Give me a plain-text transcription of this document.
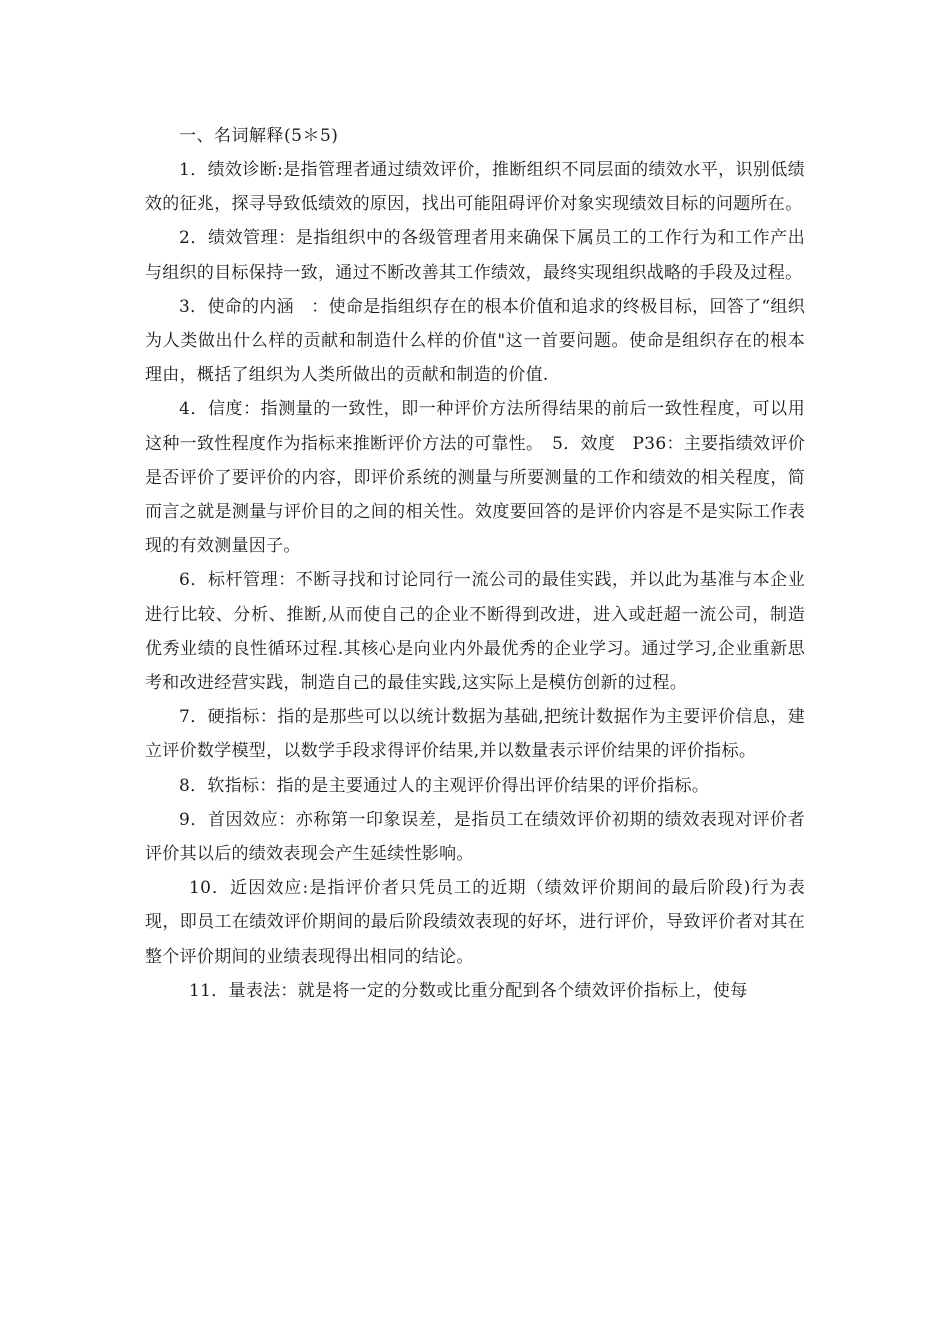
一、名词解释(5＊5)

1．绩效诊断:是指管理者通过绩效评价，推断组织不同层面的绩效水平，识别低绩效的征兆，探寻导致低绩效的原因，找出可能阻碍评价对象实现绩效目标的问题所在。

2．绩效管理：是指组织中的各级管理者用来确保下属员工的工作行为和工作产出与组织的目标保持一致，通过不断改善其工作绩效，最终实现组织战略的手段及过程。

3．使命的内涵　：使命是指组织存在的根本价值和追求的终极目标，回答了“组织为人类做出什么样的贡献和制造什么样的价值"这一首要问题。使命是组织存在的根本理由，概括了组织为人类所做出的贡献和制造的价值.

4．信度：指测量的一致性，即一种评价方法所得结果的前后一致性程度，可以用这种一致性程度作为指标来推断评价方法的可靠性。　5．效度　P36：主要指绩效评价是否评价了要评价的内容，即评价系统的测量与所要测量的工作和绩效的相关程度，简而言之就是测量与评价目的之间的相关性。效度要回答的是评价内容是不是实际工作表现的有效测量因子。

6．标杆管理：不断寻找和讨论同行一流公司的最佳实践，并以此为基准与本企业进行比较、分析、推断,从而使自己的企业不断得到改进，进入或赶超一流公司，制造优秀业绩的良性循环过程.其核心是向业内外最优秀的企业学习。通过学习,企业重新思考和改进经营实践，制造自己的最佳实践,这实际上是模仿创新的过程。

7．硬指标：指的是那些可以以统计数据为基础,把统计数据作为主要评价信息，建立评价数学模型，以数学手段求得评价结果,并以数量表示评价结果的评价指标。

8．软指标：指的是主要通过人的主观评价得出评价结果的评价指标。

9．首因效应：亦称第一印象误差，是指员工在绩效评价初期的绩效表现对评价者评价其以后的绩效表现会产生延续性影响。

10．近因效应:是指评价者只凭员工的近期（绩效评价期间的最后阶段)行为表现，即员工在绩效评价期间的最后阶段绩效表现的好坏，进行评价，导致评价者对其在整个评价期间的业绩表现得出相同的结论。

11．量表法：就是将一定的分数或比重分配到各个绩效评价指标上，使每
